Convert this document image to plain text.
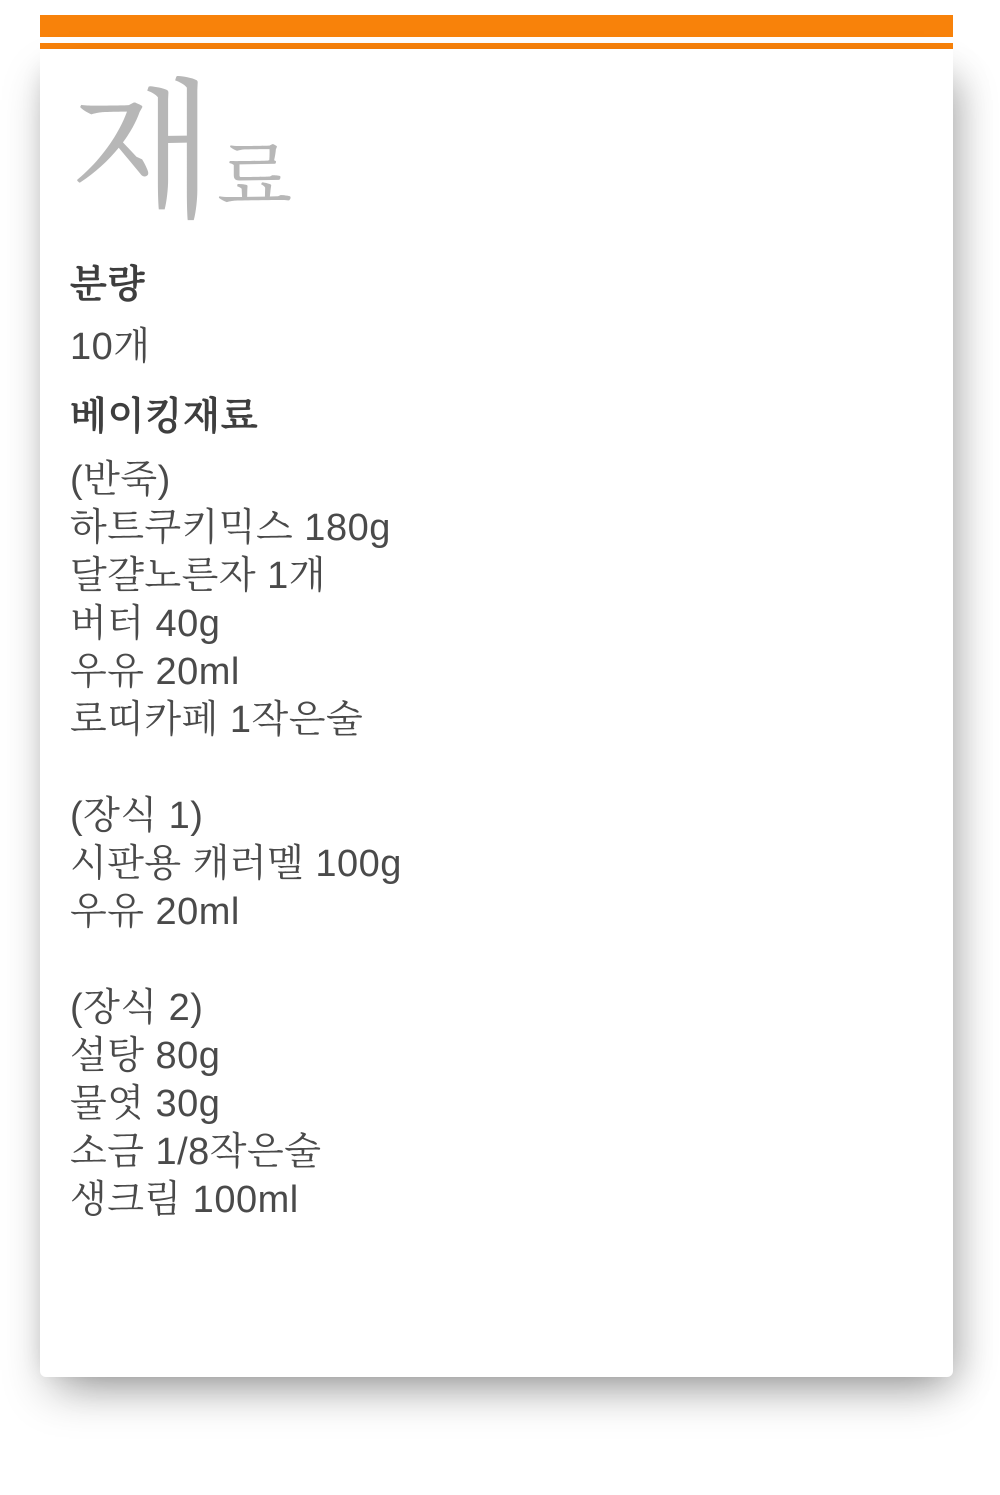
재료
분량

10개

베이킹재료

(반죽)

하트쿠키믹스 180g

달걀노른자 1개

버터 40g

우유 20ml

로띠카페 1작은술

(장식 1)

시판용 캐러멜 100g

우유 20ml

(장식 2)

설탕 80g

물엿 30g

소금 1/8작은술

생크림 100ml
